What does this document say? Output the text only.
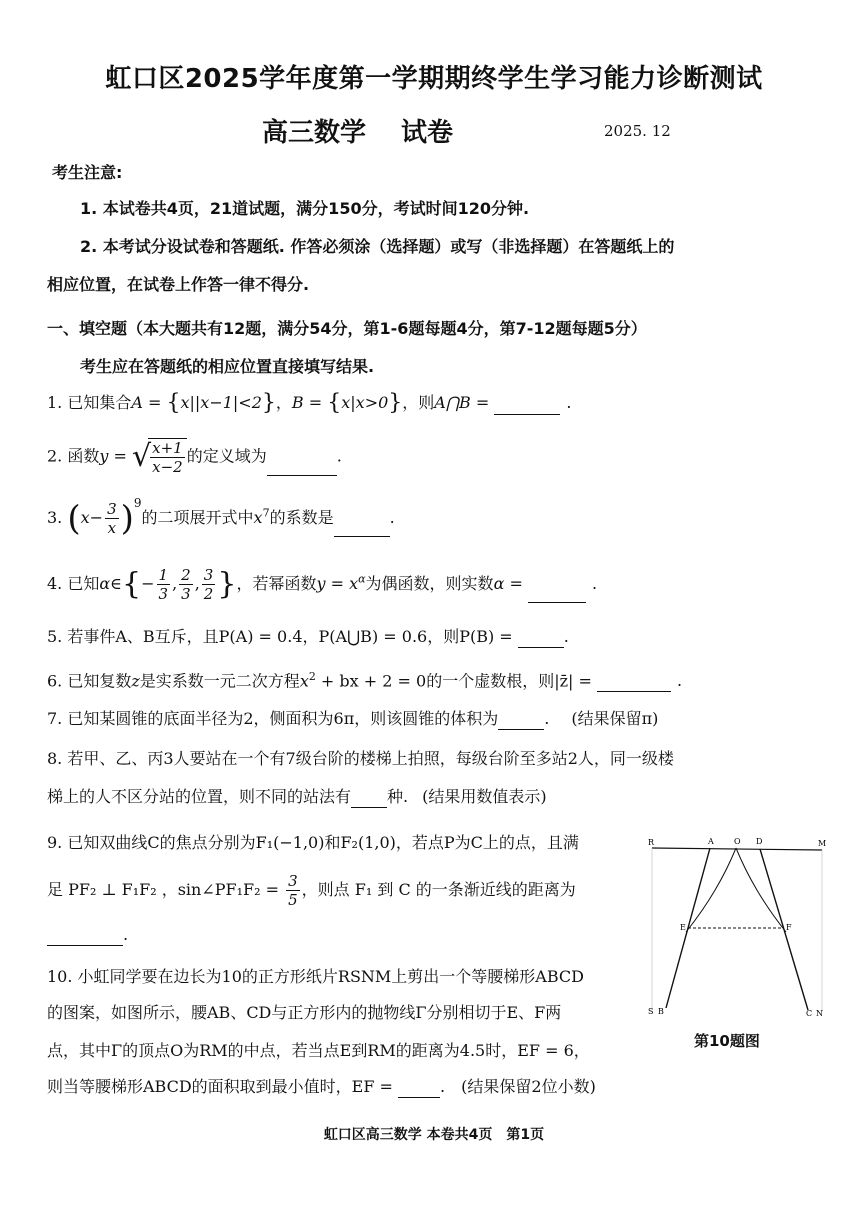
虹口区2025学年度第一学期期终学生学习能力诊断测试
高三数学　 试卷	2025. 12
考生注意:
1. 本试卷共4页，21道试题，满分150分，考试时间120分钟.
2. 本考试分设试卷和答题纸. 作答必须涂（选择题）或写（非选择题）在答题纸上的
相应位置，在试卷上作答一律不得分.
一、填空题（本大题共有12题，满分54分，第1-6题每题4分，第7-12题每题5分）
考生应在答题纸的相应位置直接填写结果.
1. 已知集合A = {x||x−1|<2}，B = {x|x>0}，则A⋂B =	.
2. 函数y = √ $\frac{x+1}{x-2}$ 的定义域为	.
3. $(x- \frac{3}{x} )^9$的二项展开式中$x^7$的系数是	.
4. 已知α∈{− $\frac{1}{3}$ , $\frac{2}{3}$ , $\frac{3}{2}$ }，若幂函数$y = x^\alpha$为偶函数，则实数α =	.
5. 若事件A、B互斥，且P(A) = 0.4，P(A⋃B) = 0.6，则P(B) =	.
6. 已知复数z是实系数一元二次方程$x^2$ + bx + 2 = 0的一个虚数根，则|z̄| =	.
7. 已知某圆锥的底面半径为2，侧面积为6π，则该圆锥的体积为	. (结果保留π)
8. 若甲、乙、丙3人要站在一个有7级台阶的楼梯上拍照，每级台阶至多站2人，同一级楼
梯上的人不区分站的位置，则不同的站法有 种. (结果用数值表示)
9. 已知双曲线C的焦点分别为F₁(−1,0)和F₂(1,0)，若点P为C上的点，且满
足 PF₂ ⊥ F₁F₂ ，sin∠PF₁F₂ = $\frac{3}{5}$ ，则点 F₁ 到 C 的一条渐近线的距离为
.
10. 小虹同学要在边长为10的正方形纸片RSNM上剪出一个等腰梯形ABCD
的图案，如图所示，腰AB、CD与正方形内的抛物线Γ分别相切于E、F两
点，其中Γ的顶点O为RM的中点，若当点E到RM的距离为4.5时，EF = 6，
则当等腰梯形ABCD的面积取到最小值时，EF =	. (结果保留2位小数)
R	A	O D	M
E	F
S B	C N
第10题图
虹口区高三数学 本卷共4页　第1页
